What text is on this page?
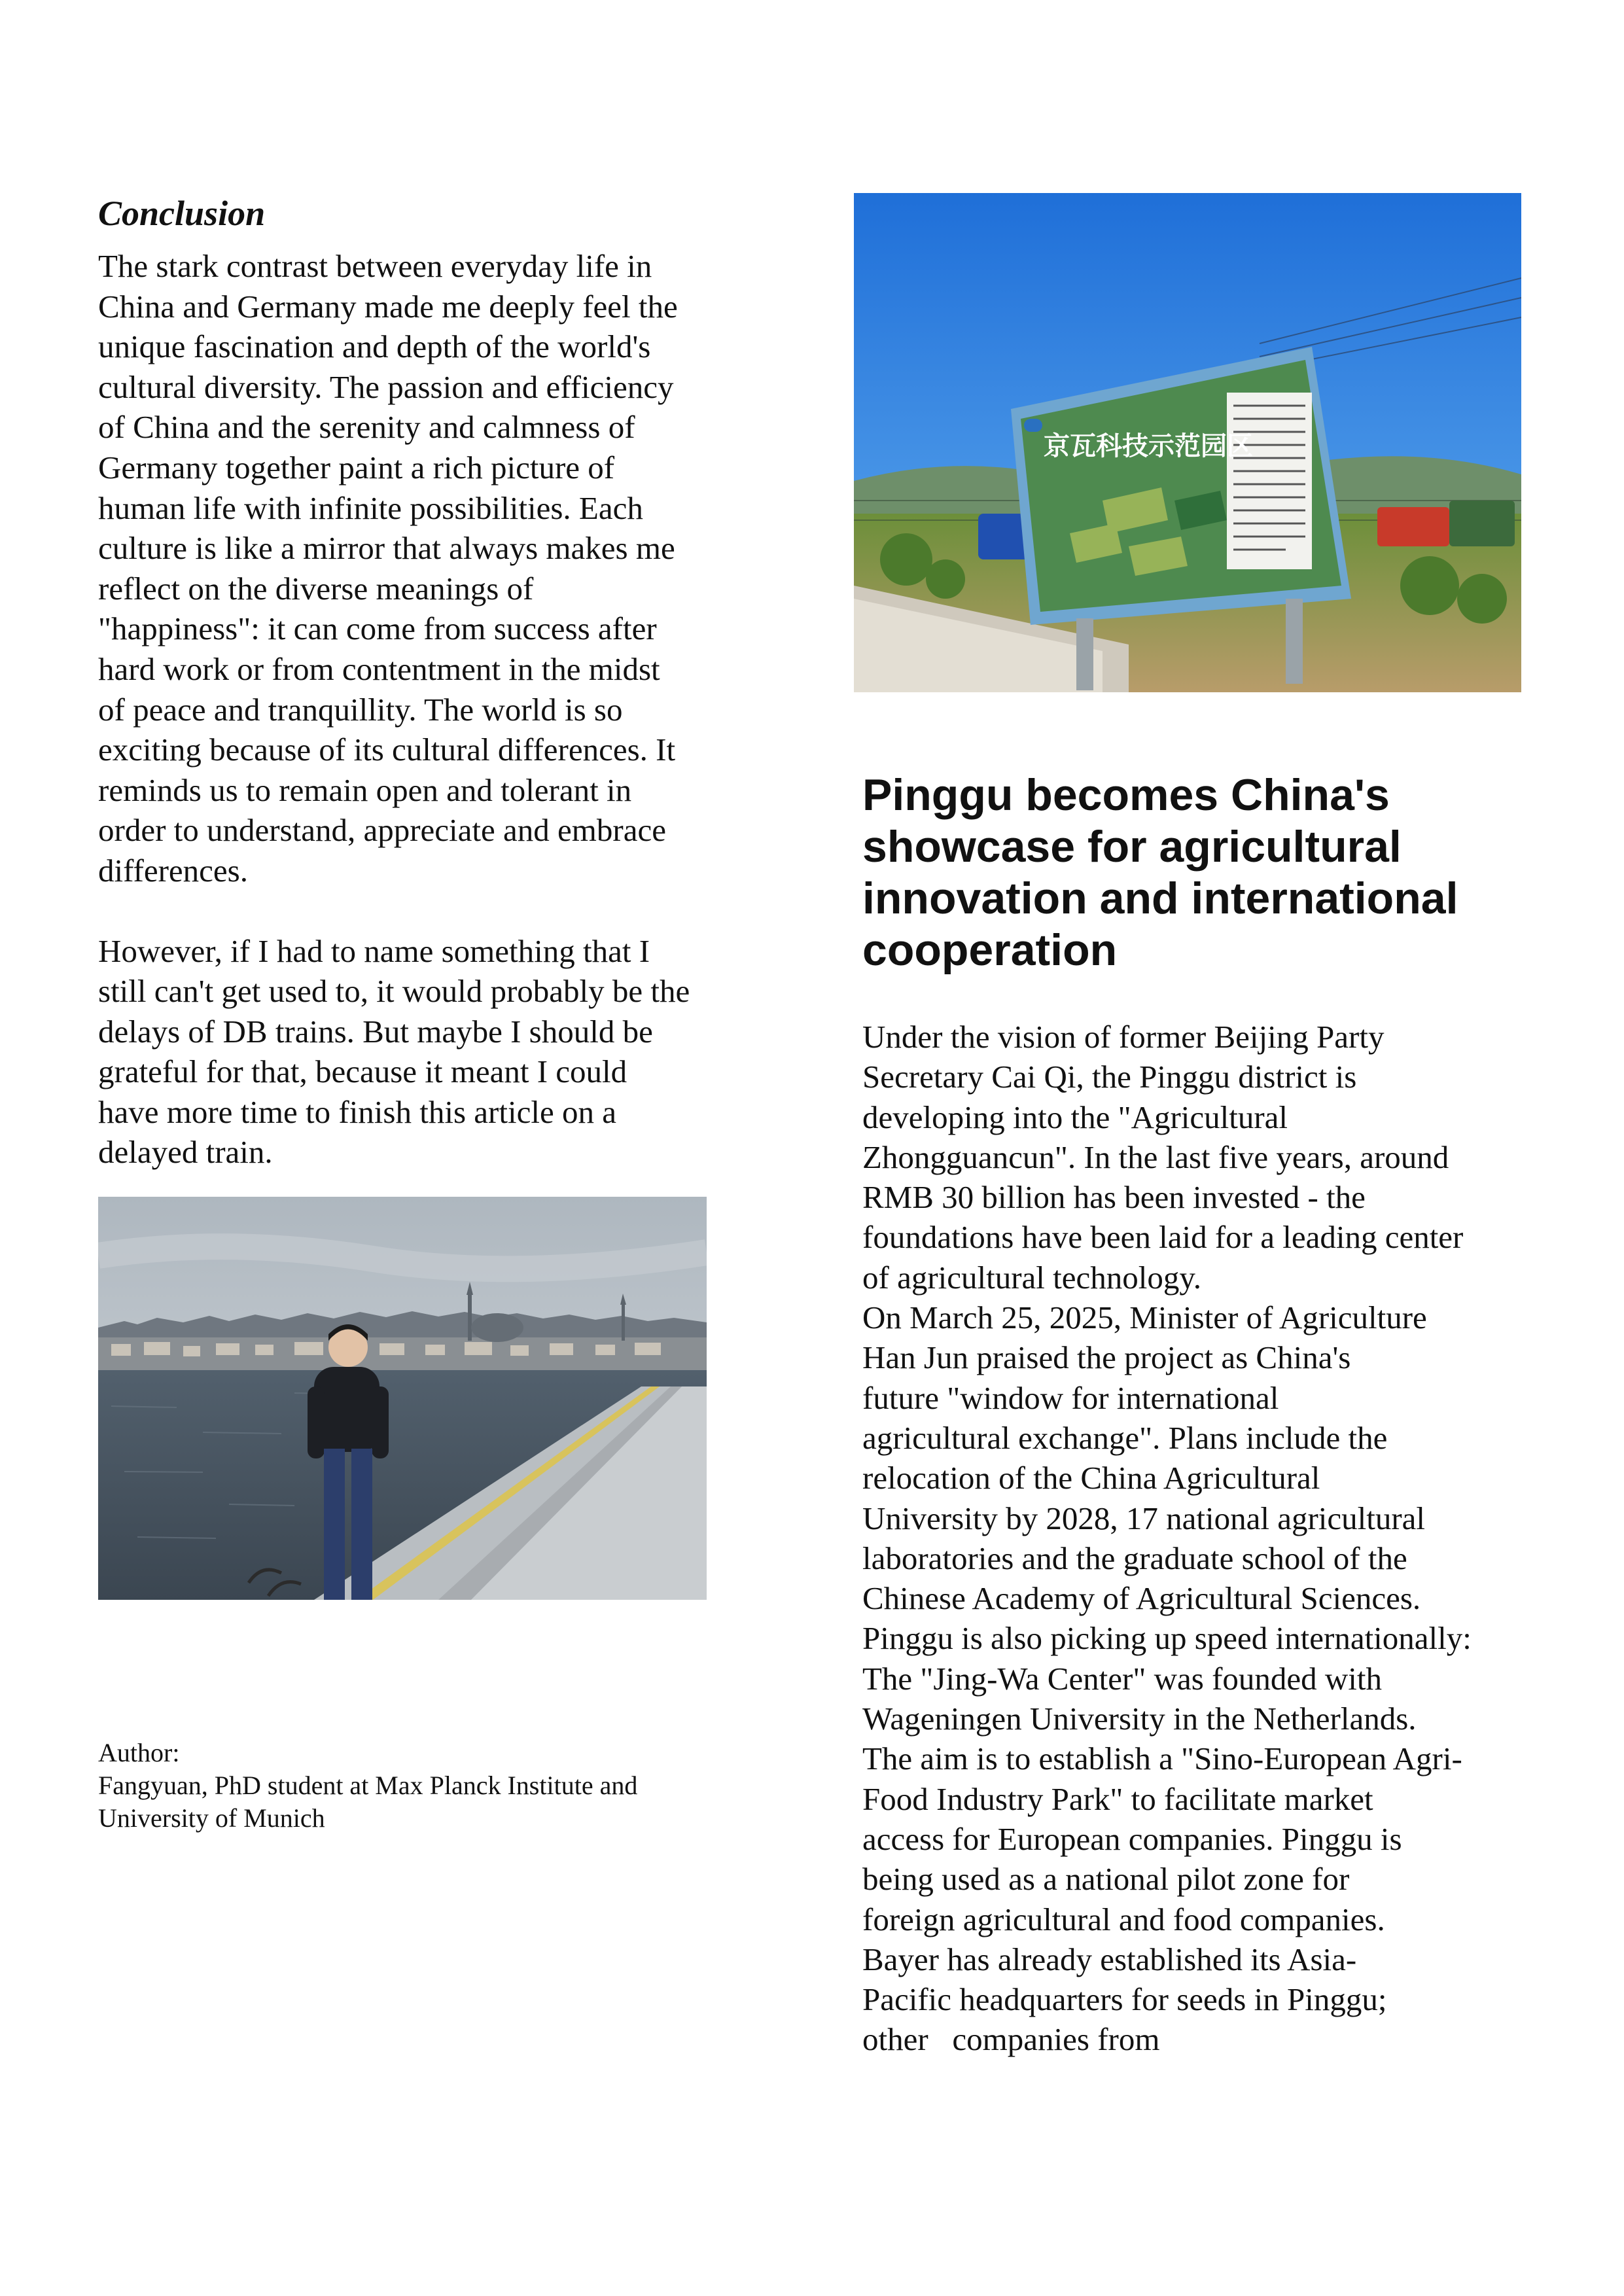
Conclusion
The stark contrast between everyday life in
China and Germany made me deeply feel the
unique fascination and depth of the world's
cultural diversity. The passion and efficiency
of China and the serenity and calmness of
Germany together paint a rich picture of
human life with infinite possibilities. Each
culture is like a mirror that always makes me
reflect on the diverse meanings of
"happiness": it can come from success after
hard work or from contentment in the midst
of peace and tranquillity. The world is so
exciting because of its cultural differences. It
reminds us to remain open and tolerant in
order to understand, appreciate and embrace
differences.
However, if I had to name something that I
still can't get used to, it would probably be the
delays of DB trains. But maybe I should be
grateful for that, because it meant I could
have more time to finish this article on a
delayed train.
Author:
Fangyuan, PhD student at Max Planck Institute and
University of Munich
京瓦科技示范园区
Pinggu becomes China's
showcase for agricultural
innovation and international
cooperation
Under the vision of former Beijing Party
Secretary Cai Qi, the Pinggu district is
developing into the "Agricultural
Zhongguancun". In the last five years, around
RMB 30 billion has been invested - the
foundations have been laid for a leading center
of agricultural technology.
On March 25, 2025, Minister of Agriculture
Han Jun praised the project as China's
future "window for international
agricultural exchange". Plans include the
relocation of the China Agricultural
University by 2028, 17 national agricultural
laboratories and the graduate school of the
Chinese Academy of Agricultural Sciences.
Pinggu is also picking up speed internationally:
The "Jing-Wa Center" was founded with
Wageningen University in the Netherlands.
The aim is to establish a "Sino-European Agri-
Food Industry Park" to facilitate market
access for European companies. Pinggu is
being used as a national pilot zone for
foreign agricultural and food companies.
Bayer has already established its Asia-
Pacific headquarters for seeds in Pinggu;
other   companies from
